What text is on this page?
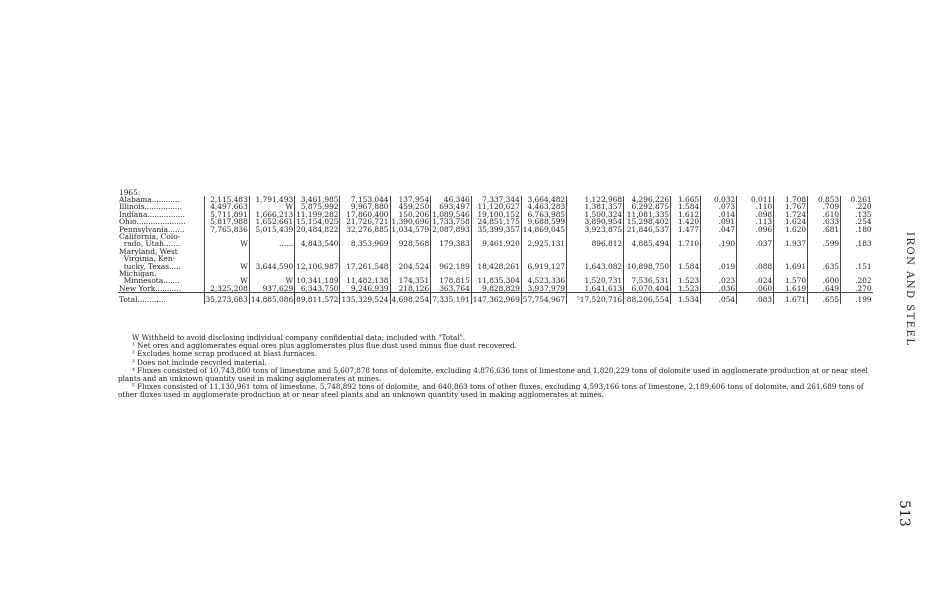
1965:																

Alabama............	2,115,483	1,791,493	3,461,985	7,153,044	137,954	46,346	7,337,344	3,664,482	1,122,968	4,296,226	1.665	0.032	0.011	1.708	0.853	0.261

Illinois................	4,497,663	W	5,875,992	9,967,880	459,250	693,497	11,120,627	4,463,283	1,381,357	6,292,875	1.584	.073	.110	1.767	.709	.220

Indiana................	5,711,891	1,666,213	11,199,282	17,860,400	150,206	1,089,546	19,100,152	6,763,985	1,500,324	11,081,335	1.612	.014	.098	1.724	.610	.135

Ohio.....................	5,817,988	1,652,661	15,154,025	21,726,721	1,390,696	1,733,758	24,851,175	9,688,599	3,890,954	15,298,402	1.420	.091	.113	1.624	.633	.254

Pennsylvania.......	7,765,836	5,015,439	20,484,822	32,276,885	1,034,579	2,087,893	35,399,357	14,869,045	3,923,875	21,846,537	1.477	.047	.096	1.620	.681	.180

California, Colo-
rado, Utah.......	W	......	4,843,540	8,353,969	928,568	179,383	9,461,920	2,925,131	896,812	4,885,494	1.710	.190	.037	1.937	.599	.183

Maryland, West
Virginia, Ken-
tucky, Texas.....	W	3,644,590	12,106,987	17,261,548	204,524	962,189	18,428,261	6,919,127	1,643,082	10,898,750	1.584	.019	.088	1.691	.635	.151

Michigan,
Minnesota.......	W	W	10,341,189	11,482,138	174,351	178,815	11,835,304	4,523,336	1,520,731	7,536,531	1.523	.023	.024	1.570	.600	.202

New York...........	2,325,208	937,629	6,343,750	9,246,939	218,126	363,764	9,828,829	3,937,979	1,641,613	6,070,404	1.523	.036	.060	1.619	.649	.270

Total............	35,273,683	14,885,086	89,811,572	135,329,524	4,698,254	7,335,191	147,362,969	57,754,967	⁵17,520,716	88,206,554	1.534	.054	.083	1.671	.655	.199
W Withheld to avoid disclosing individual company confidential data; included with "Total".
¹ Net ores and agglomerates equal ores plus agglomerates plus flue dust used minus flue dust recovered.
² Excludes home scrap produced at blast furnaces.
³ Does not include recycled material.
⁴ Fluxes consisted of 10,743,800 tons of limestone and 5,607,878 tons of dolomite, excluding 4,876,636 tons of limestone and 1,820,229 tons of dolomite used in agglomerate production at or near steel
plants and an unknown quantity used in making agglomerates at mines.
⁵ Fluxes consisted of 11,130,961 tons of limestone, 5,748,892 tons of dolomite, and 640,863 tons of other fluxes, excluding 4,593,166 tons of limestone, 2,189,606 tons of dolomite, and 261,689 tons of
other fluxes used in agglomerate production at or near steel plants and an unknown quantity used in making agglomerates at mines.
IRON AND STEEL
513
